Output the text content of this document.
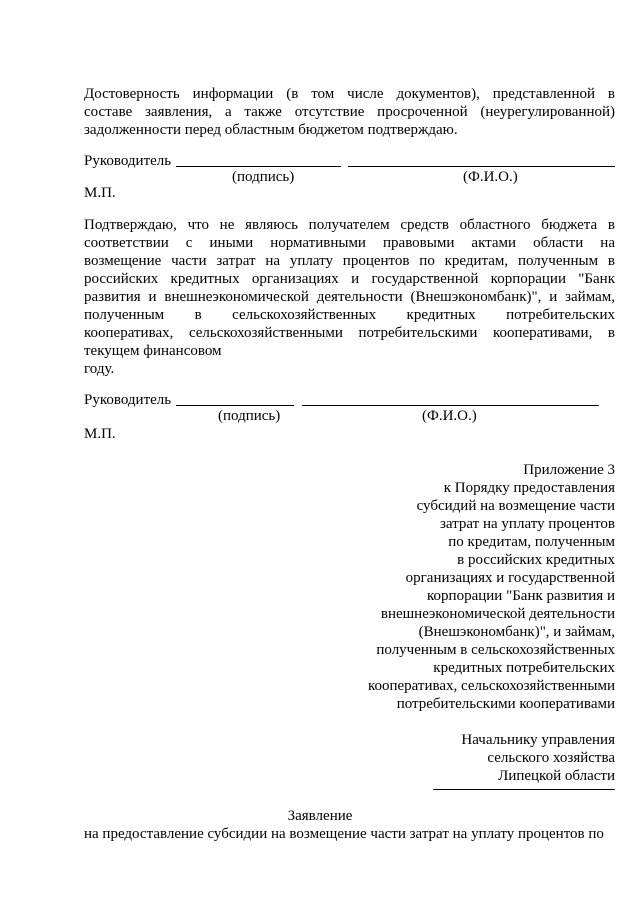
Достоверность информации (в том числе документов), представленной в
составе заявления, а также отсутствие просроченной (неурегулированной)
задолженности перед областным бюджетом подтверждаю.
Руководитель
(подпись)	(Ф.И.О.)
М.П.
Подтверждаю, что не являюсь получателем средств областного бюджета в
соответствии с иными нормативными правовыми актами области на
возмещение части затрат на уплату процентов по кредитам, полученным в
российских кредитных организациях и государственной корпорации "Банк
развития и внешнеэкономической деятельности (Внешэкономбанк)", и займам,
полученным в сельскохозяйственных кредитных потребительских
кооперативах, сельскохозяйственными потребительскими кооперативами, в
текущем финансовом
году.
Руководитель
(подпись)	(Ф.И.О.)
М.П.
Приложение 3
к Порядку предоставления
субсидий на возмещение части
затрат на уплату процентов
по кредитам, полученным
в российских кредитных
организациях и государственной
корпорации "Банк развития и
внешнеэкономической деятельности
(Внешэкономбанк)", и займам,
полученным в сельскохозяйственных
кредитных потребительских
кооперативах, сельскохозяйственными
потребительскими кооперативами
Начальнику управления
сельского хозяйства
Липецкой области
Заявление
на предоставление субсидии на возмещение части затрат на уплату процентов по
